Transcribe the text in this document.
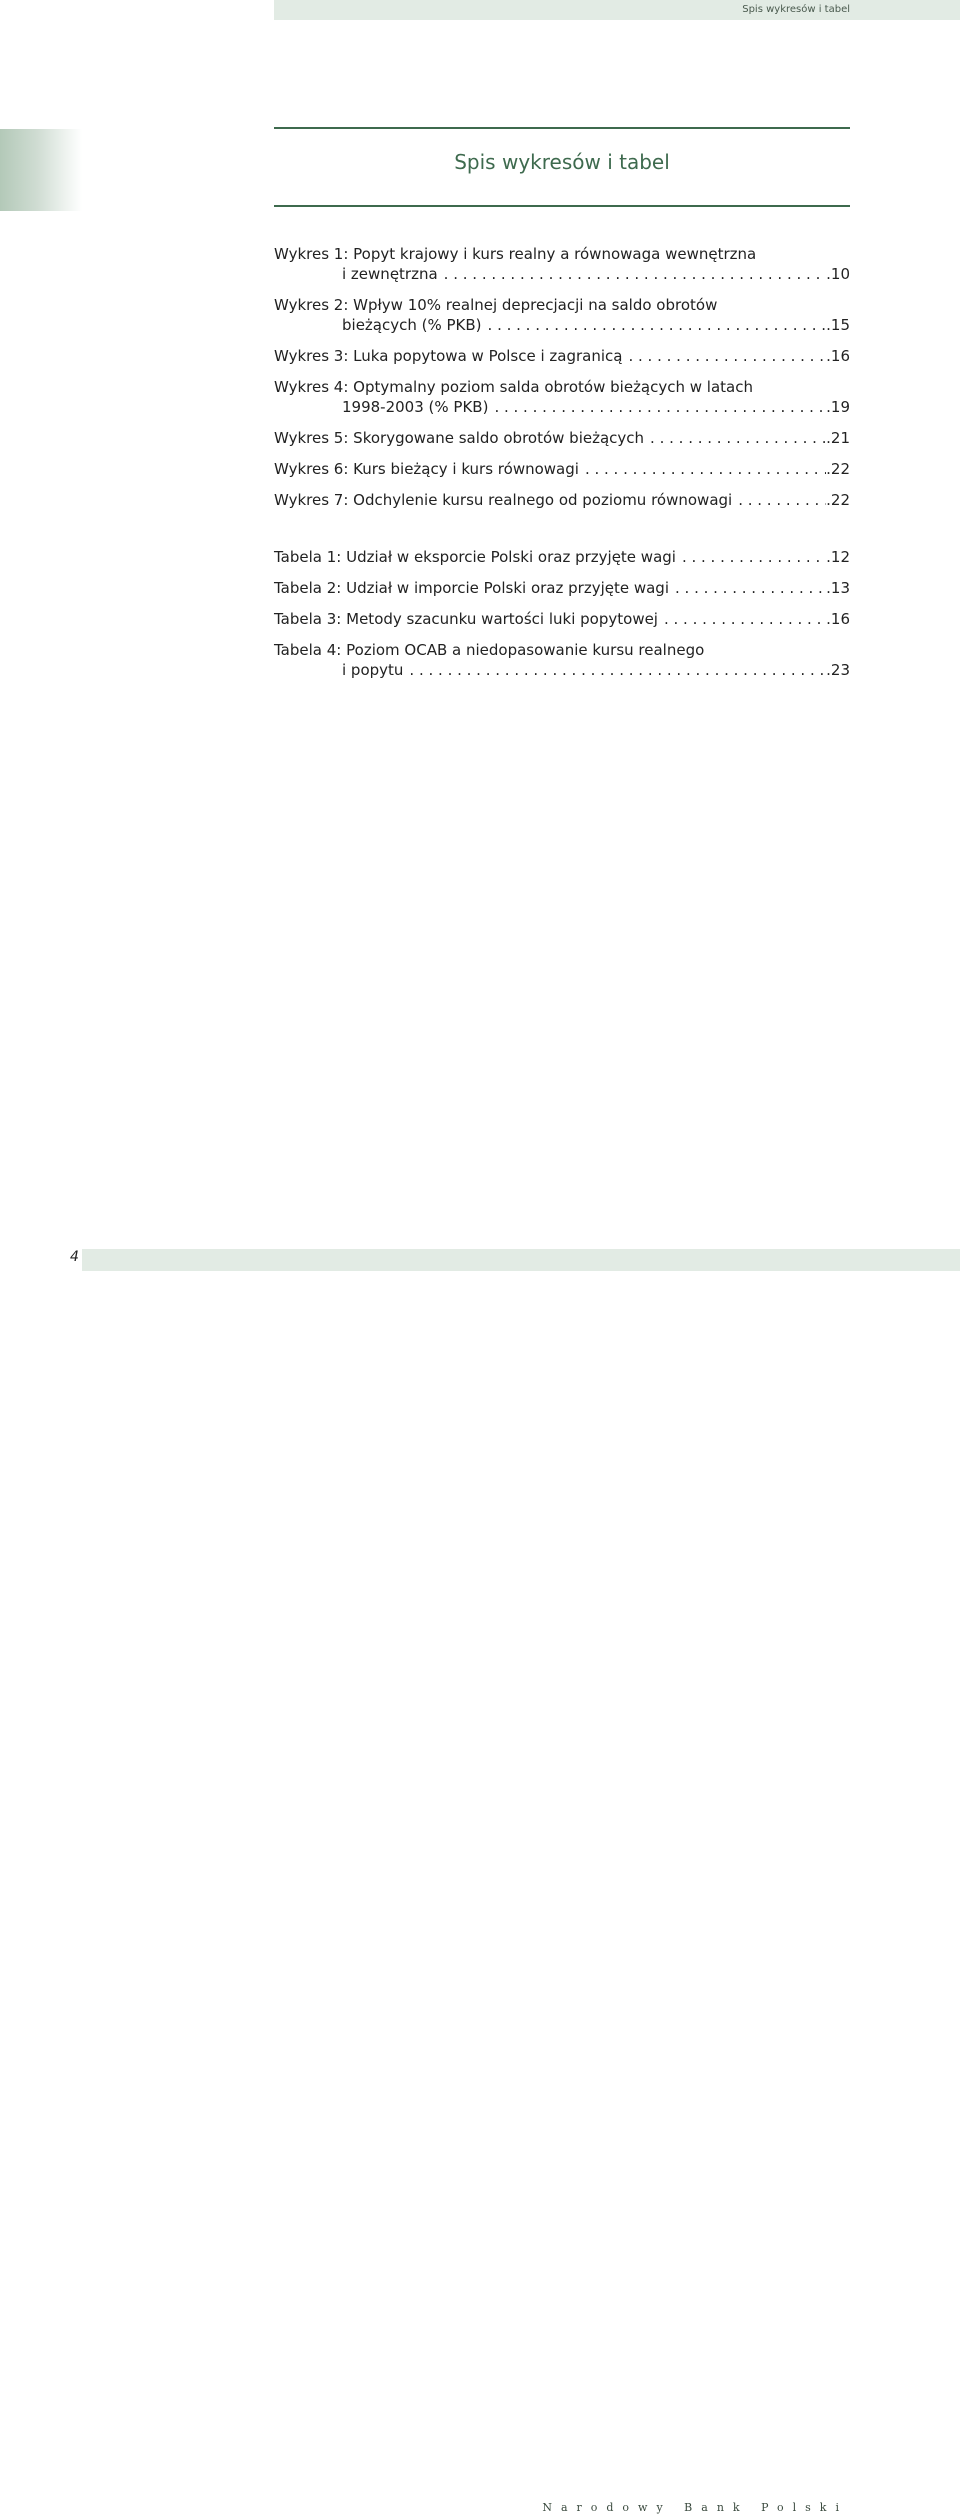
Spis wykresów i tabel
Spis wykresów i tabel
Wykres 1:
Popyt krajowy i kurs realny a równowaga wewnętrzna
i zewnętrzna . . .	.10
Wykres 2:
Wpływ 10% realnej deprecjacji na saldo obrotów
bieżących (% PKB) . . .	.15
Wykres 3:
Luka popytowa w Polsce i zagranicą . . .	.16
Wykres 4:
Optymalny poziom salda obrotów bieżących w latach
1998-2003 (% PKB) . . .	.19
Wykres 5:
Skorygowane saldo obrotów bieżących . . .	.21
Wykres 6:
Kurs bieżący i kurs równowagi . . .	.22
Wykres 7:
Odchylenie kursu realnego od poziomu równowagi . . .	.22
Tabela 1:
Udział w eksporcie Polski oraz przyjęte wagi . . .	.12
Tabela 2:
Udział w imporcie Polski oraz przyjęte wagi . . .	.13
Tabela 3:
Metody szacunku wartości luki popytowej . . .	.16
Tabela 4:
Poziom OCAB a niedopasowanie kursu realnego
i popytu . . .	.23
Narodowy Bank Polski
4
